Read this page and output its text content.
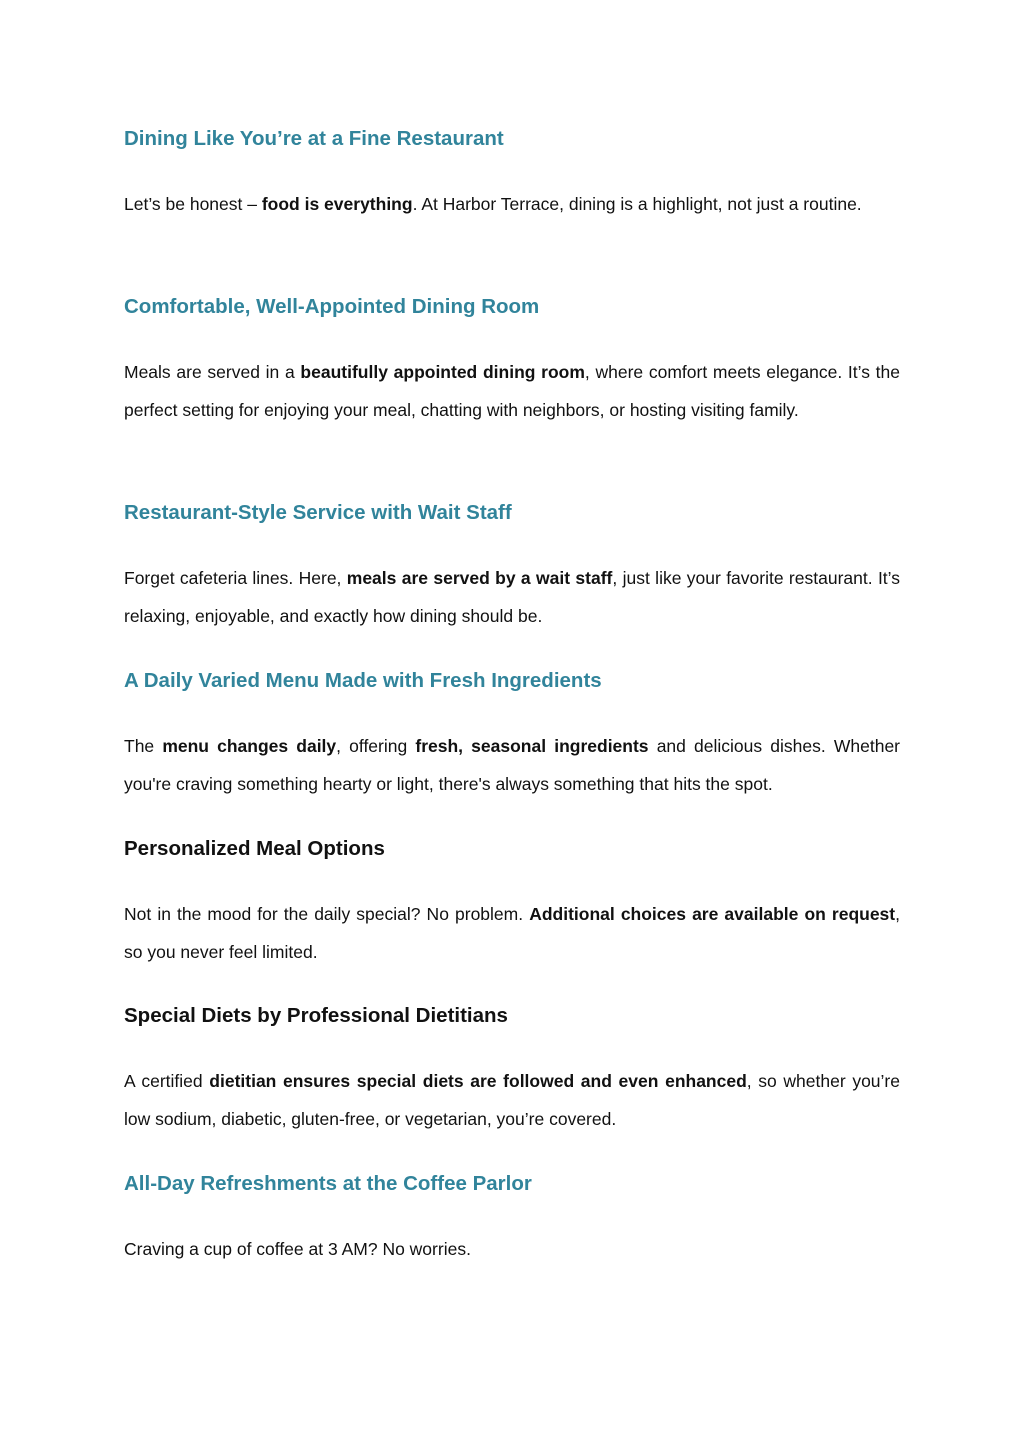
Dining Like You’re at a Fine Restaurant

Let’s be honest – food is everything. At Harbor Terrace, dining is a highlight, not just a routine.

Comfortable, Well-Appointed Dining Room

Meals are served in a beautifully appointed dining room, where comfort meets elegance. It’s the perfect setting for enjoying your meal, chatting with neighbors, or hosting visiting family.

Restaurant-Style Service with Wait Staff

Forget cafeteria lines. Here, meals are served by a wait staff, just like your favorite restaurant. It’s relaxing, enjoyable, and exactly how dining should be.

A Daily Varied Menu Made with Fresh Ingredients

The menu changes daily, offering fresh, seasonal ingredients and delicious dishes. Whether you're craving something hearty or light, there's always something that hits the spot.

Personalized Meal Options

Not in the mood for the daily special? No problem. Additional choices are available on request, so you never feel limited.

Special Diets by Professional Dietitians

A certified dietitian ensures special diets are followed and even enhanced, so whether you’re low sodium, diabetic, gluten-free, or vegetarian, you’re covered.

All-Day Refreshments at the Coffee Parlor

Craving a cup of coffee at 3 AM? No worries.
